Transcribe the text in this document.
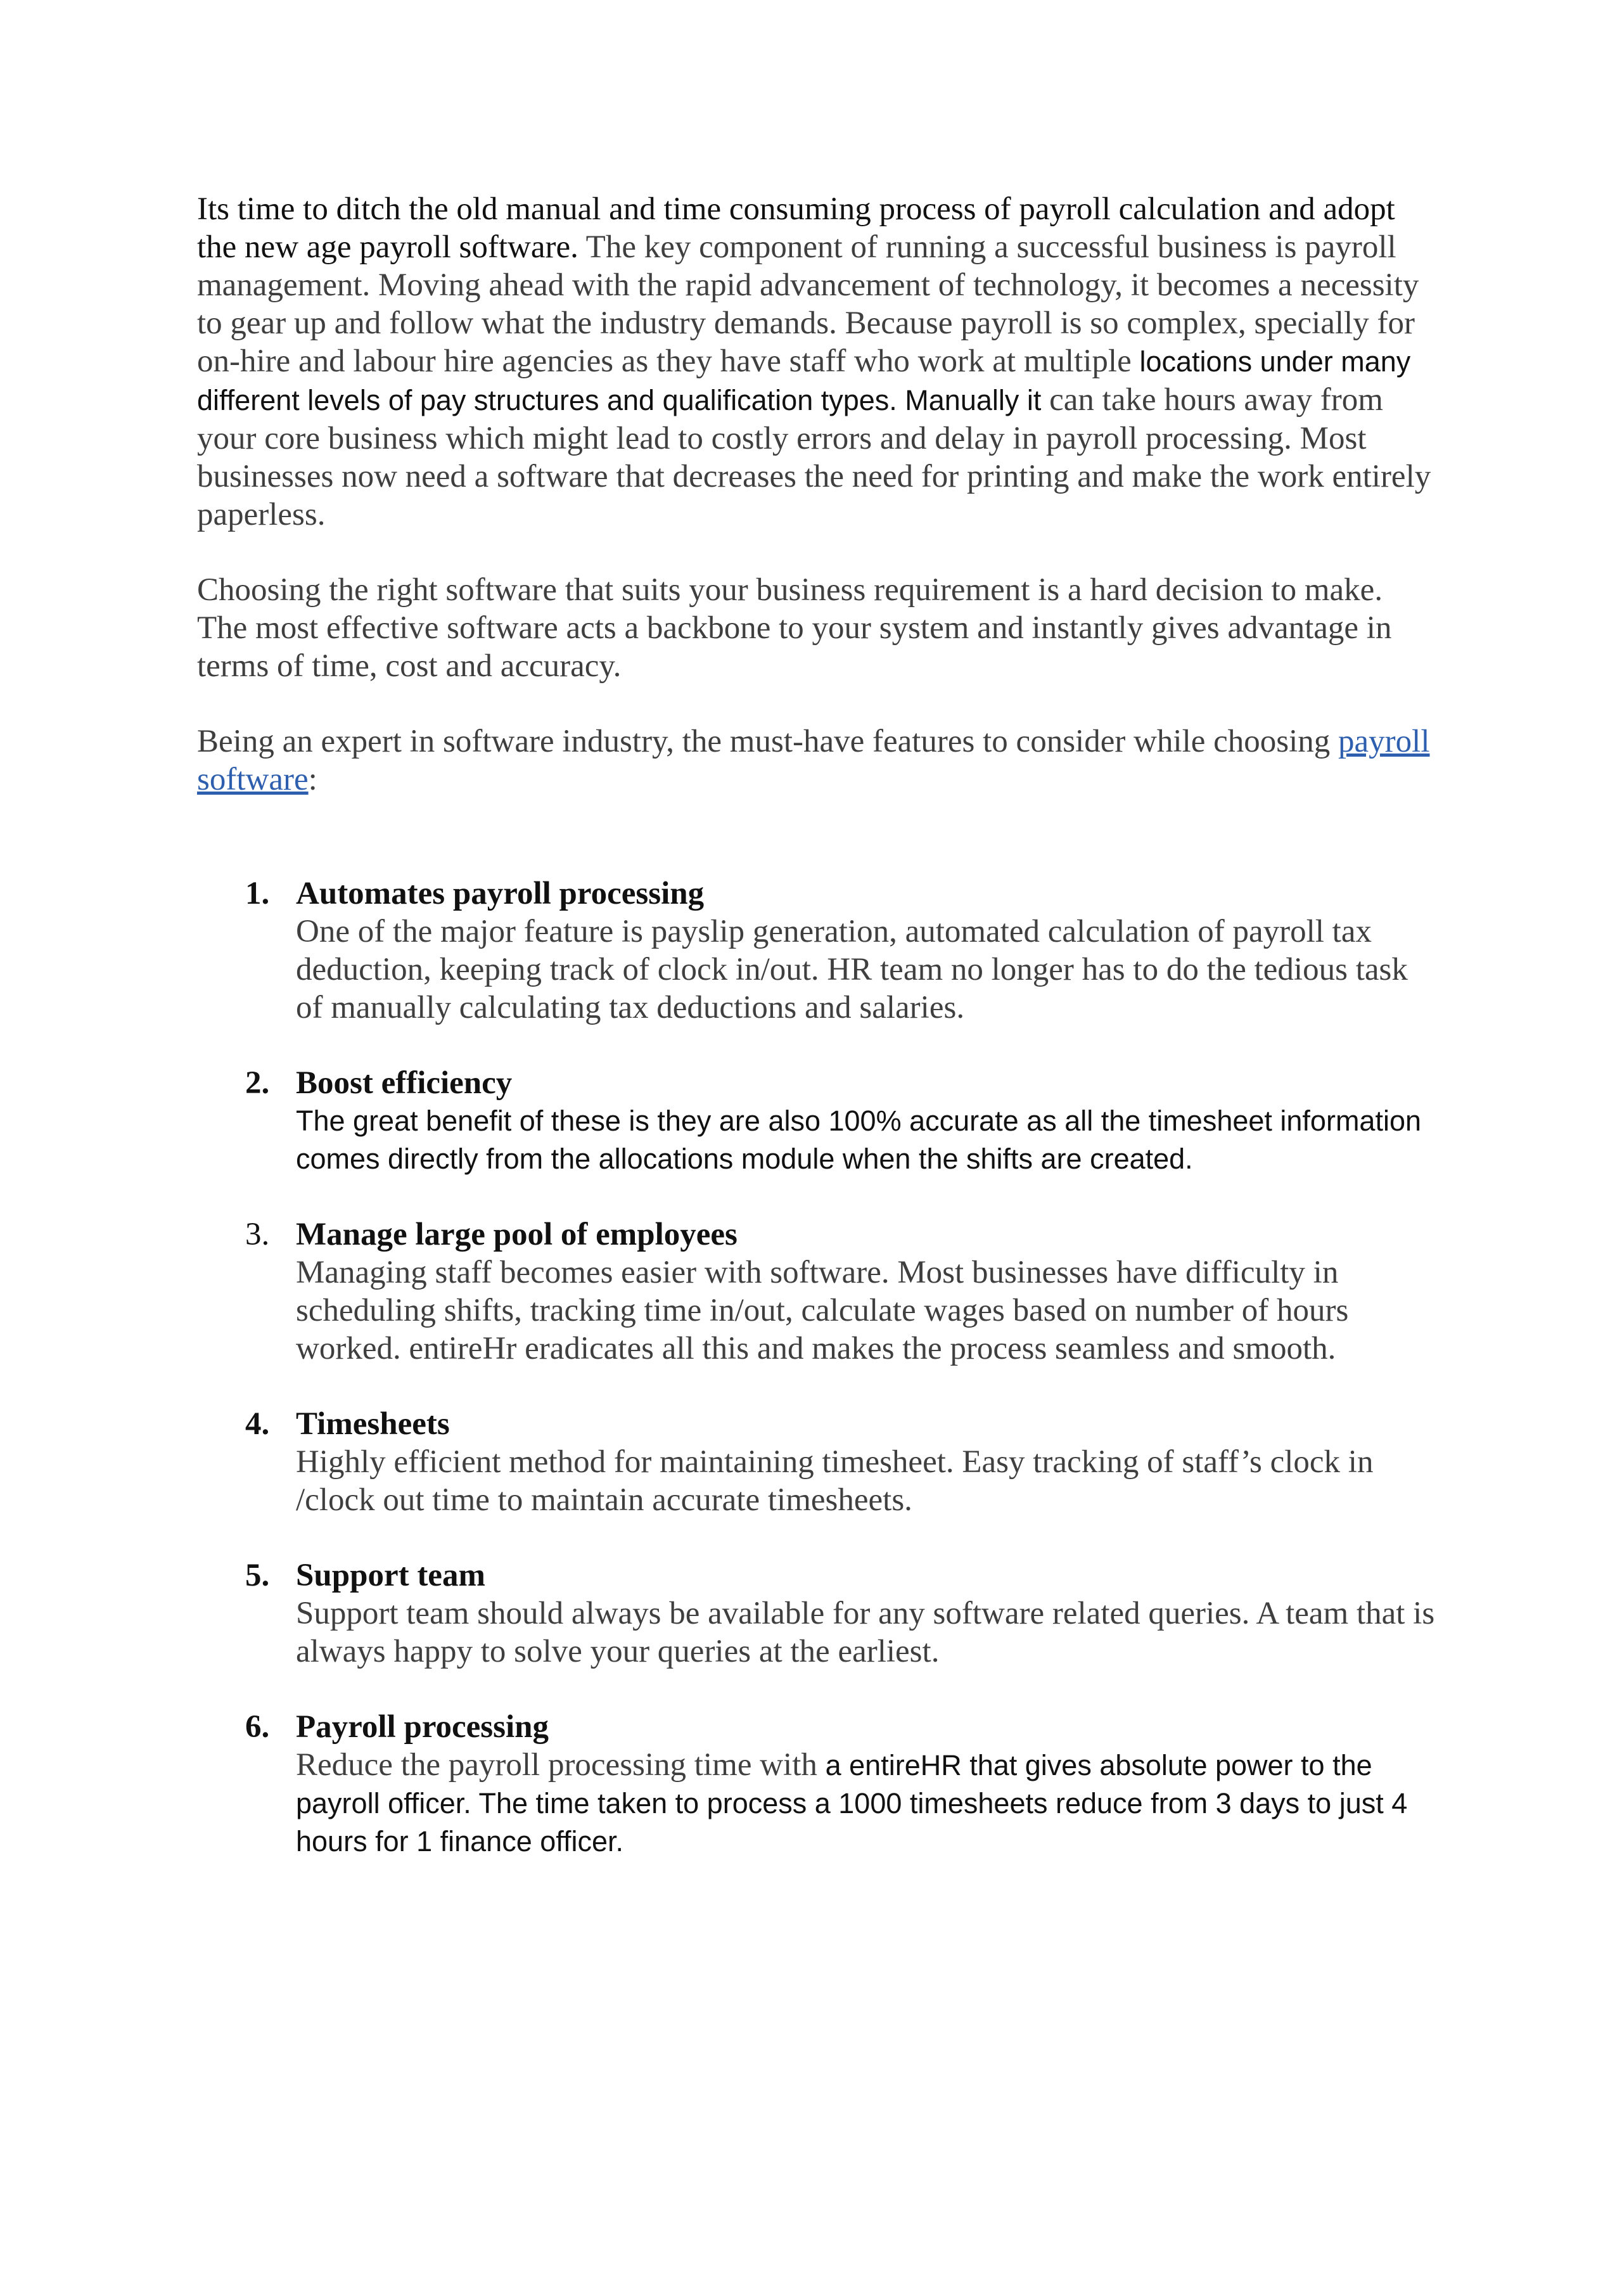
Its time to ditch the old manual and time consuming process of payroll calculation and adopt the new age payroll software. The key component of running a successful business is payroll management. Moving ahead with the rapid advancement of technology, it becomes a necessity to gear up and follow what the industry demands. Because payroll is so complex, specially for on-hire and labour hire agencies as they have staff who work at multiple locations under many different levels of pay structures and qualification types. Manually it can take hours away from your core business which might lead to costly errors and delay in payroll processing. Most businesses now need a software that decreases the need for printing and make the work entirely paperless.

Choosing the right software that suits your business requirement is a hard decision to make. The most effective software acts a backbone to your system and instantly gives advantage in terms of time, cost and accuracy.

Being an expert in software industry, the must-have features to consider while choosing payroll software:

1. Automates payroll processing
One of the major feature is payslip generation, automated calculation of payroll tax deduction, keeping track of clock in/out. HR team no longer has to do the tedious task of manually calculating tax deductions and salaries.
2. Boost efficiency
The great benefit of these is they are also 100% accurate as all the timesheet information comes directly from the allocations module when the shifts are created.
3. Manage large pool of employees
Managing staff becomes easier with software. Most businesses have difficulty in scheduling shifts, tracking time in/out, calculate wages based on number of hours worked. entireHr eradicates all this and makes the process seamless and smooth.
4. Timesheets
Highly efficient method for maintaining timesheet. Easy tracking of staff’s clock in /clock out time to maintain accurate timesheets.
5. Support team
Support team should always be available for any software related queries. A team that is always happy to solve your queries at the earliest.
6. Payroll processing
Reduce the payroll processing time with a entireHR that gives absolute power to the payroll officer. The time taken to process a 1000 timesheets reduce from 3 days to just 4 hours for 1 finance officer.
